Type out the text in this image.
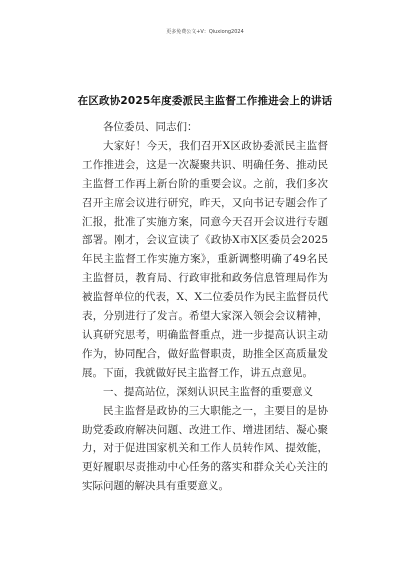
更多免费公文+V：Qiuxiong2024
在区政协2025年度委派民主监督工作推进会上的讲话

各位委员、同志们：

大家好！今天，我们召开X区政协委派民主监督工作推进会，这是一次凝聚共识、明确任务、推动民主监督工作再上新台阶的重要会议。之前，我们多次召开主席会议进行研究，昨天，又向书记专题会作了汇报，批准了实施方案，同意今天召开会议进行专题部署。刚才，会议宣读了《政协X市X区委员会2025年民主监督工作实施方案》，重新调整明确了49名民主监督员，教育局、行政审批和政务信息管理局作为被监督单位的代表，X、X二位委员作为民主监督员代表，分别进行了发言。希望大家深入领会会议精神，认真研究思考，明确监督重点，进一步提高认识主动作为，协同配合，做好监督职责，助推全区高质量发展。下面，我就做好民主监督工作，讲五点意见。

一、提高站位，深刻认识民主监督的重要意义

民主监督是政协的三大职能之一，主要目的是协助党委政府解决问题、改进工作、增进团结、凝心聚力，对于促进国家机关和工作人员转作风、提效能，更好履职尽责推动中心任务的落实和群众关心关注的实际问题的解决具有重要意义。
